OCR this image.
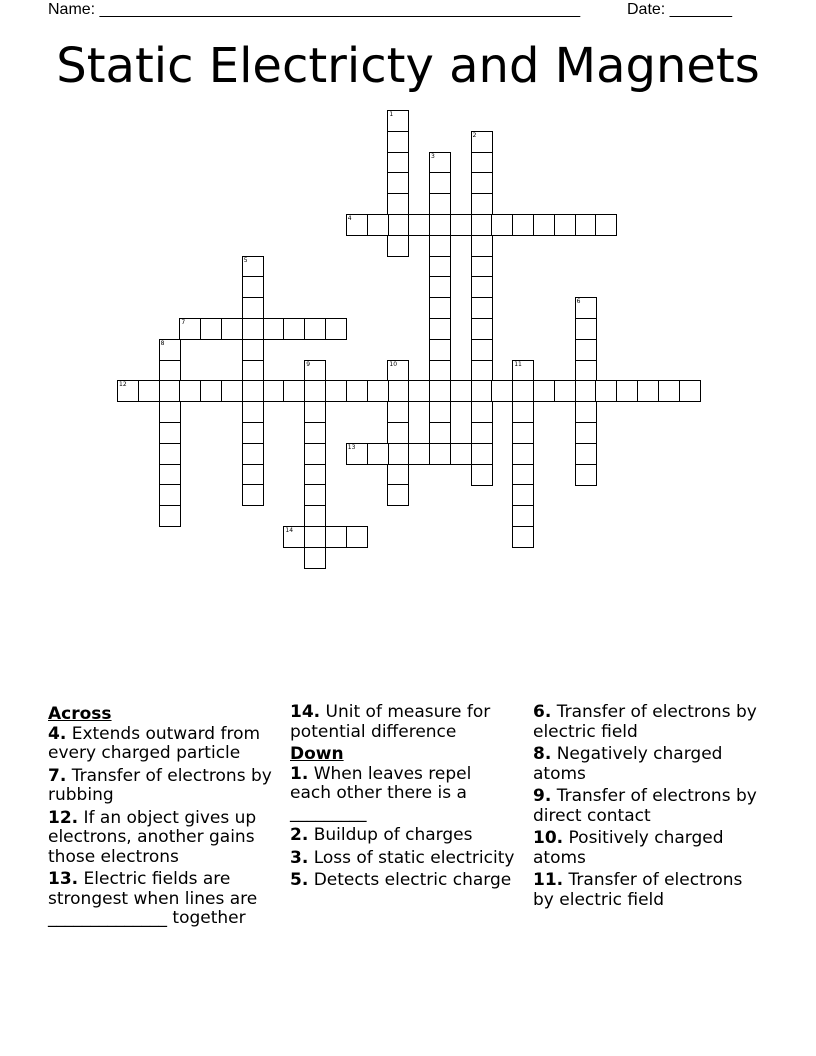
Name: ______________________________________________________	Date: _______
Static Electricty and Magnets
1
2
3
4
5
6
7
8
9	10	11
12
13
14
Across
4. Extends outward from every charged particle
7. Transfer of electrons by rubbing
12. If an object gives up electrons, another gains those electrons
13. Electric fields are strongest when lines are ______________ together
14. Unit of measure for potential difference
Down
1. When leaves repel each other there is a _________
2. Buildup of charges
3. Loss of static electricity
5. Detects electric charge
6. Transfer of electrons by electric field
8. Negatively charged atoms
9. Transfer of electrons by direct contact
10. Positively charged atoms
11. Transfer of electrons by electric field
